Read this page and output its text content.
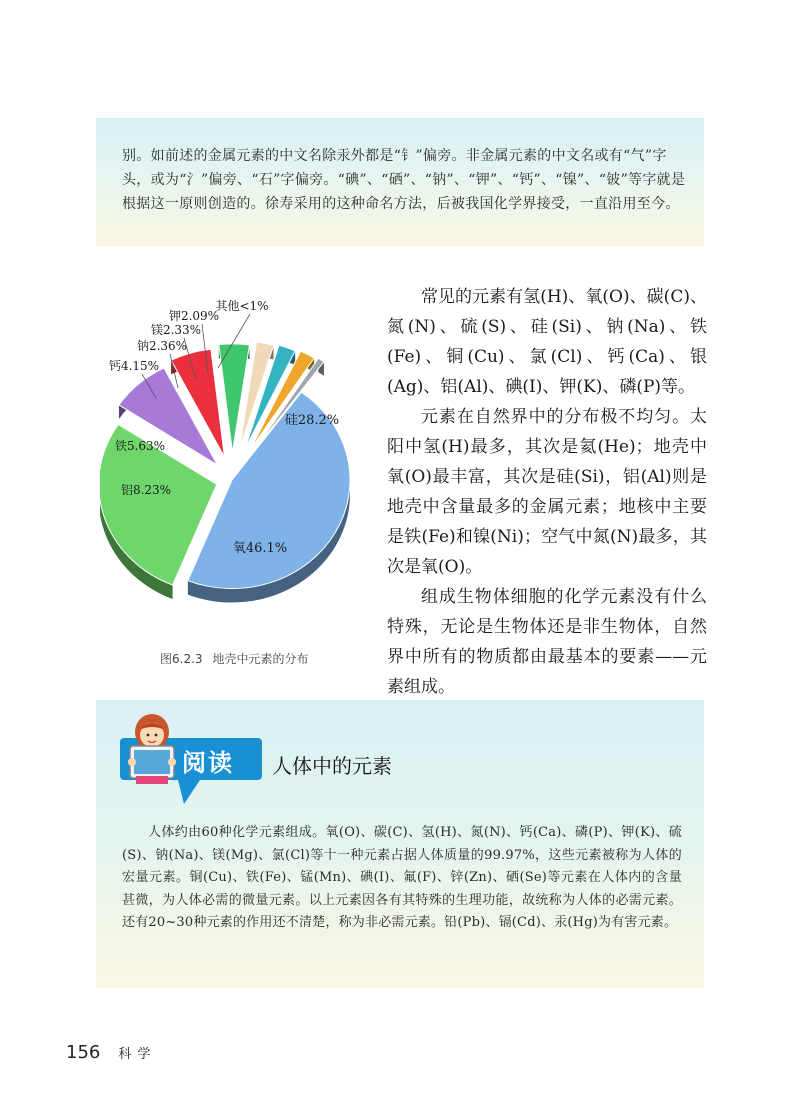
别。如前述的金属元素的中文名除汞外都是“钅”偏旁。非金属元素的中文名或有“气”字头，或为“氵”偏旁、“石”字偏旁。“碘”、“硒”、“钠”、“钾”、“钙”、“镍”、“铍”等字就是根据这一原则创造的。徐寿采用的这种命名方法，后被我国化学界接受，一直沿用至今。

氧46.1%
硅28.2%
铝8.23%
铁5.63%
钙4.15%
钠2.36%
镁2.33%
钾2.09%
其他<1%
图6.2.3 地壳中元素的分布

常见的元素有氢(H)、氧(O)、碳(C)、氮(N)、硫(S)、硅(Si)、钠(Na)、铁(Fe)、铜(Cu)、氯(Cl)、钙(Ca)、银(Ag)、铝(Al)、碘(I)、钾(K)、磷(P)等。

元素在自然界中的分布极不均匀。太阳中氢(H)最多，其次是氦(He)；地壳中氧(O)最丰富，其次是硅(Si)，铝(Al)则是地壳中含量最多的金属元素；地核中主要是铁(Fe)和镍(Ni)；空气中氮(N)最多，其次是氧(O)。

组成生物体细胞的化学元素没有什么特殊，无论是生物体还是非生物体，自然界中所有的物质都由最基本的要素——元素组成。

阅读 人体中的元素

人体约由60种化学元素组成。氧(O)、碳(C)、氢(H)、氮(N)、钙(Ca)、磷(P)、钾(K)、硫(S)、钠(Na)、镁(Mg)、氯(Cl)等十一种元素占据人体质量的99.97%，这些元素被称为人体的宏量元素。铜(Cu)、铁(Fe)、锰(Mn)、碘(I)、氟(F)、锌(Zn)、硒(Se)等元素在人体内的含量甚微，为人体必需的微量元素。以上元素因各有其特殊的生理功能，故统称为人体的必需元素。还有20~30种元素的作用还不清楚，称为非必需元素。铅(Pb)、镉(Cd)、汞(Hg)为有害元素。

156 科学
